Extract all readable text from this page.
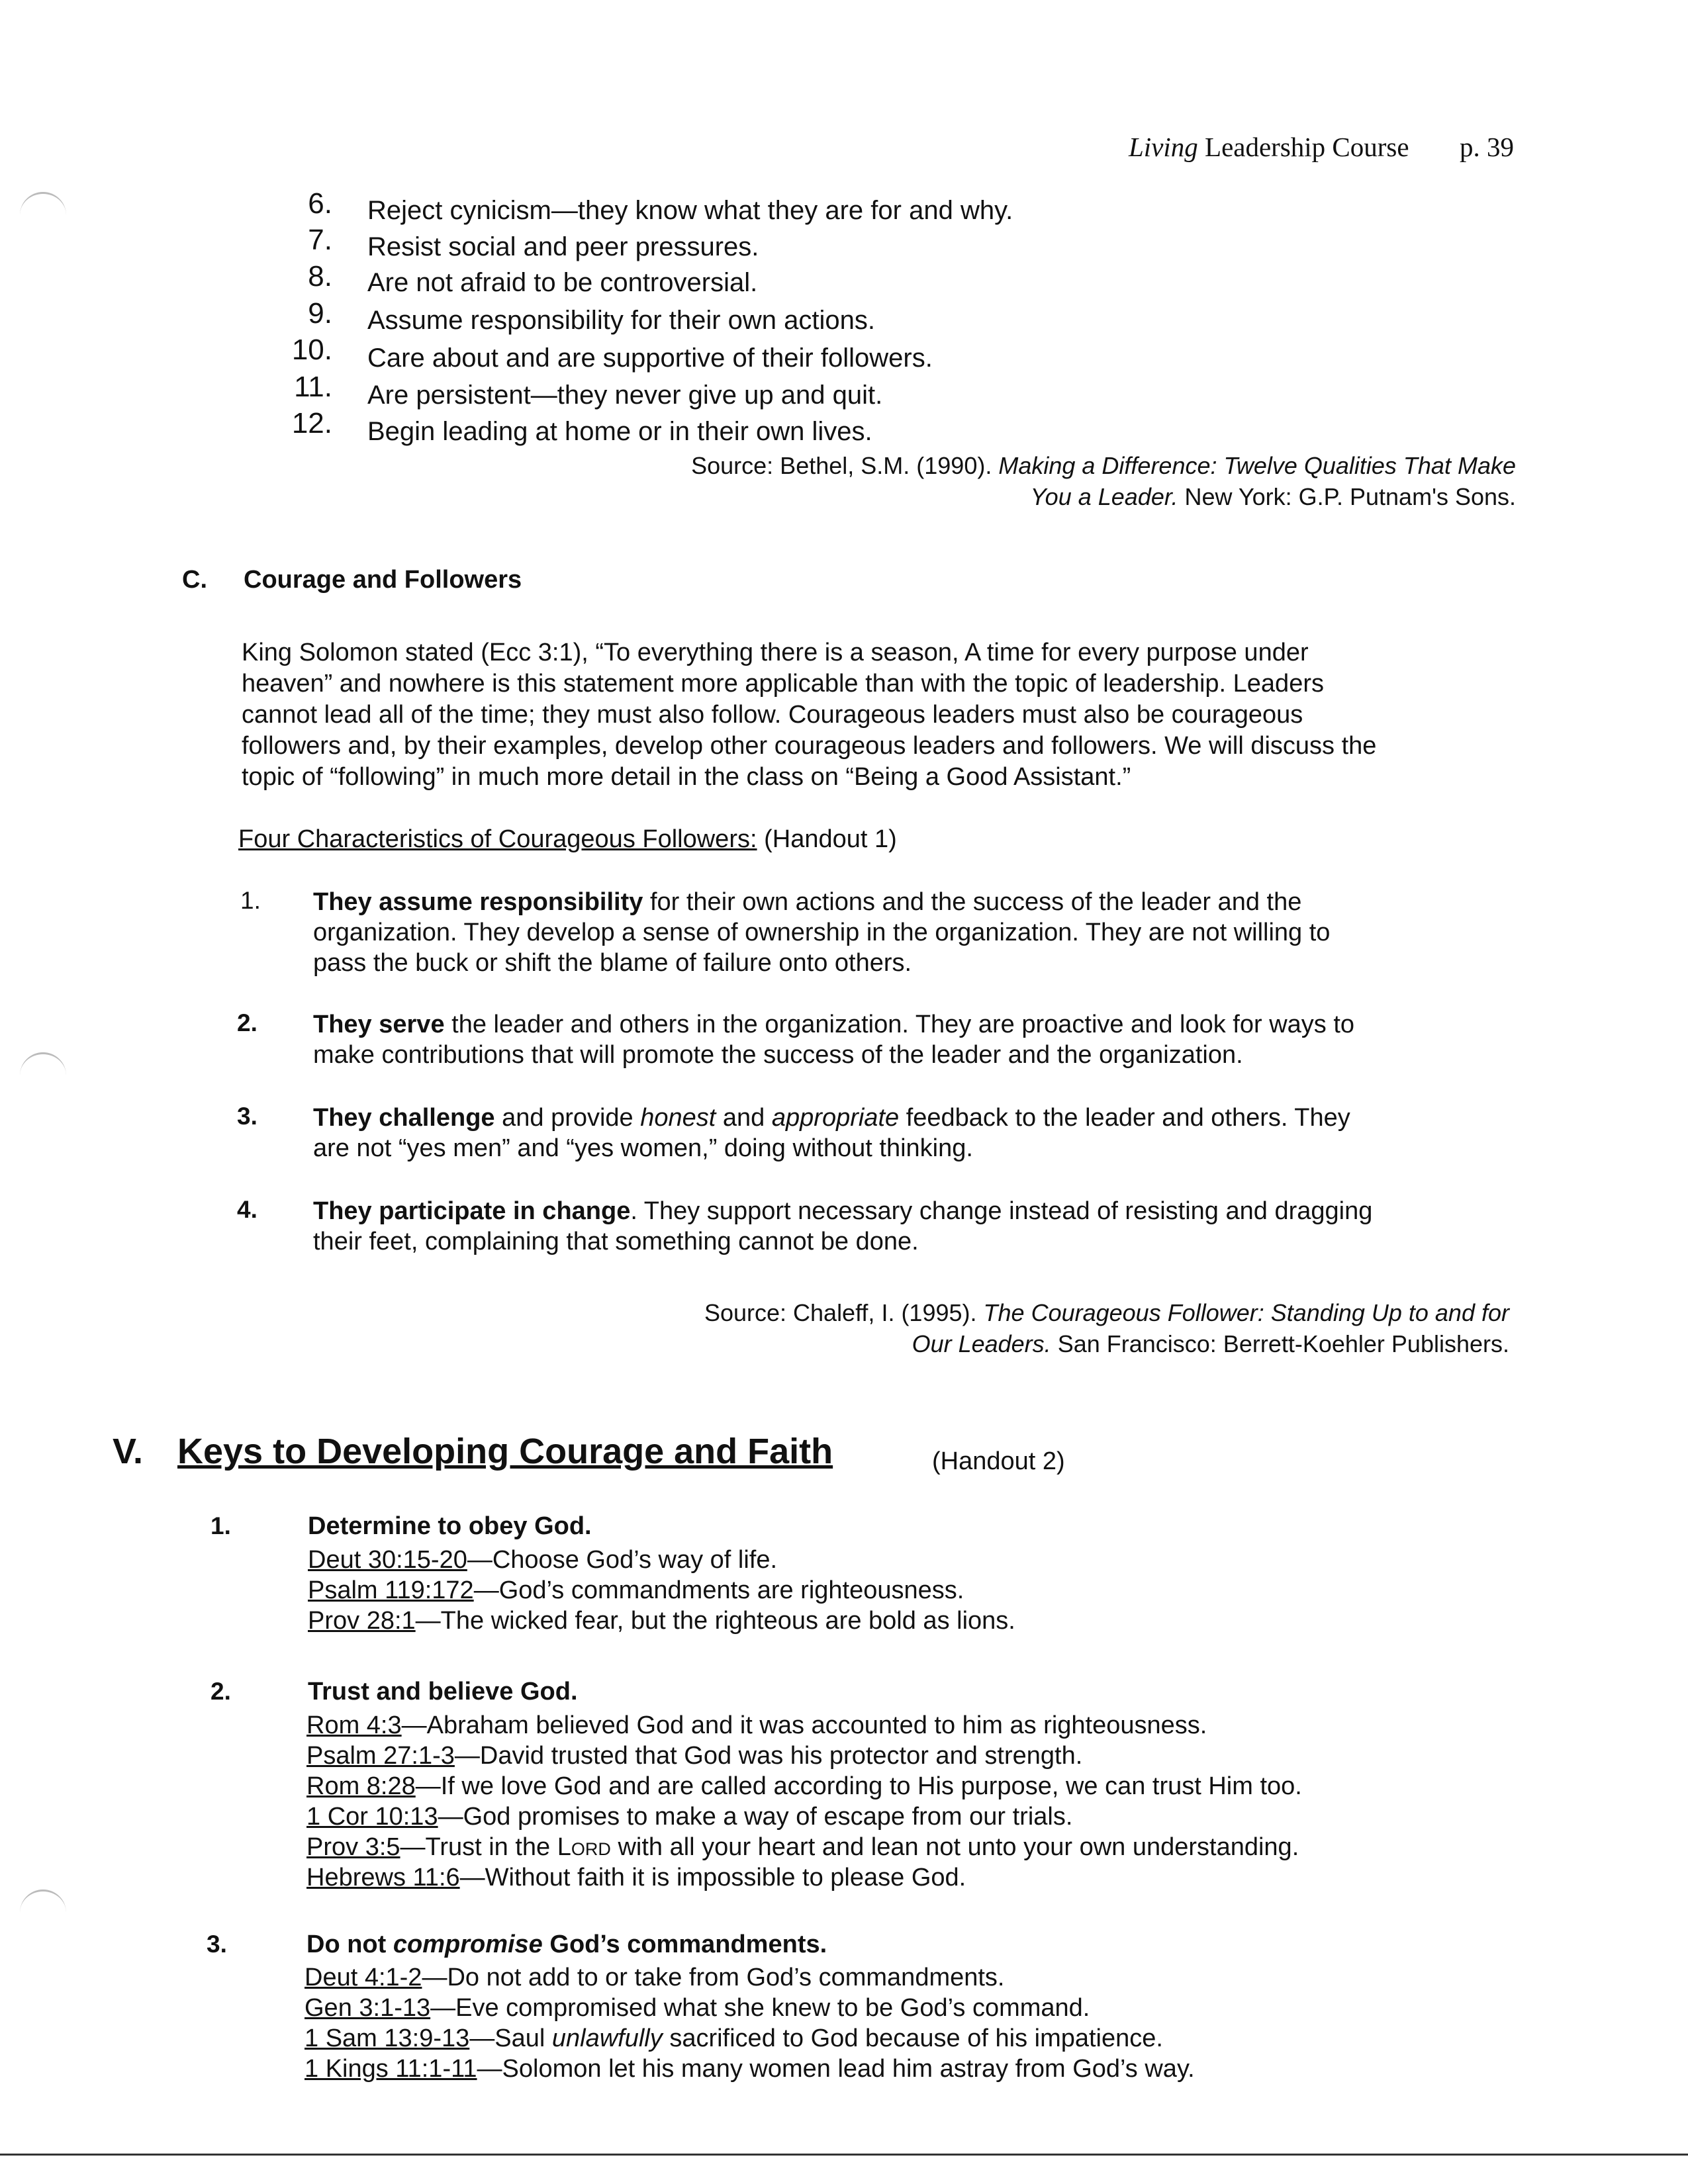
Living Leadership Course p. 39
6. Reject cynicism—they know what they are for and why.
7. Resist social and peer pressures.
8. Are not afraid to be controversial.
9. Assume responsibility for their own actions.
10. Care about and are supportive of their followers.
11. Are persistent—they never give up and quit.
12. Begin leading at home or in their own lives.
Source: Bethel, S.M. (1990). Making a Difference: Twelve Qualities That Make
You a Leader. New York: G.P. Putnam's Sons.
C. Courage and Followers
King Solomon stated (Ecc 3:1), “To everything there is a season, A time for every purpose under
heaven” and nowhere is this statement more applicable than with the topic of leadership. Leaders
cannot lead all of the time; they must also follow. Courageous leaders must also be courageous
followers and, by their examples, develop other courageous leaders and followers. We will discuss the
topic of “following” in much more detail in the class on “Being a Good Assistant.”
Four Characteristics of Courageous Followers: (Handout 1)
1. They assume responsibility for their own actions and the success of the leader and the
organization. They develop a sense of ownership in the organization. They are not willing to
pass the buck or shift the blame of failure onto others.
2. They serve the leader and others in the organization. They are proactive and look for ways to
make contributions that will promote the success of the leader and the organization.
3. They challenge and provide honest and appropriate feedback to the leader and others. They
are not “yes men” and “yes women,” doing without thinking.
4. They participate in change. They support necessary change instead of resisting and dragging
their feet, complaining that something cannot be done.
Source: Chaleff, I. (1995). The Courageous Follower: Standing Up to and for
Our Leaders. San Francisco: Berrett-Koehler Publishers.
V. Keys to Developing Courage and Faith	(Handout 2)
1.	Determine to obey God.
Deut 30:15-20—Choose God’s way of life.
Psalm 119:172—God’s commandments are righteousness.
Prov 28:1—The wicked fear, but the righteous are bold as lions.
2.	Trust and believe God.
Rom 4:3—Abraham believed God and it was accounted to him as righteousness.
Psalm 27:1-3—David trusted that God was his protector and strength.
Rom 8:28—If we love God and are called according to His purpose, we can trust Him too.
1 Cor 10:13—God promises to make a way of escape from our trials.
Prov 3:5—Trust in the Lord with all your heart and lean not unto your own understanding.
Hebrews 11:6—Without faith it is impossible to please God.
3.	Do not compromise God’s commandments.
Deut 4:1-2—Do not add to or take from God’s commandments.
Gen 3:1-13—Eve compromised what she knew to be God’s command.
1 Sam 13:9-13—Saul unlawfully sacrificed to God because of his impatience.
1 Kings 11:1-11—Solomon let his many women lead him astray from God’s way.
